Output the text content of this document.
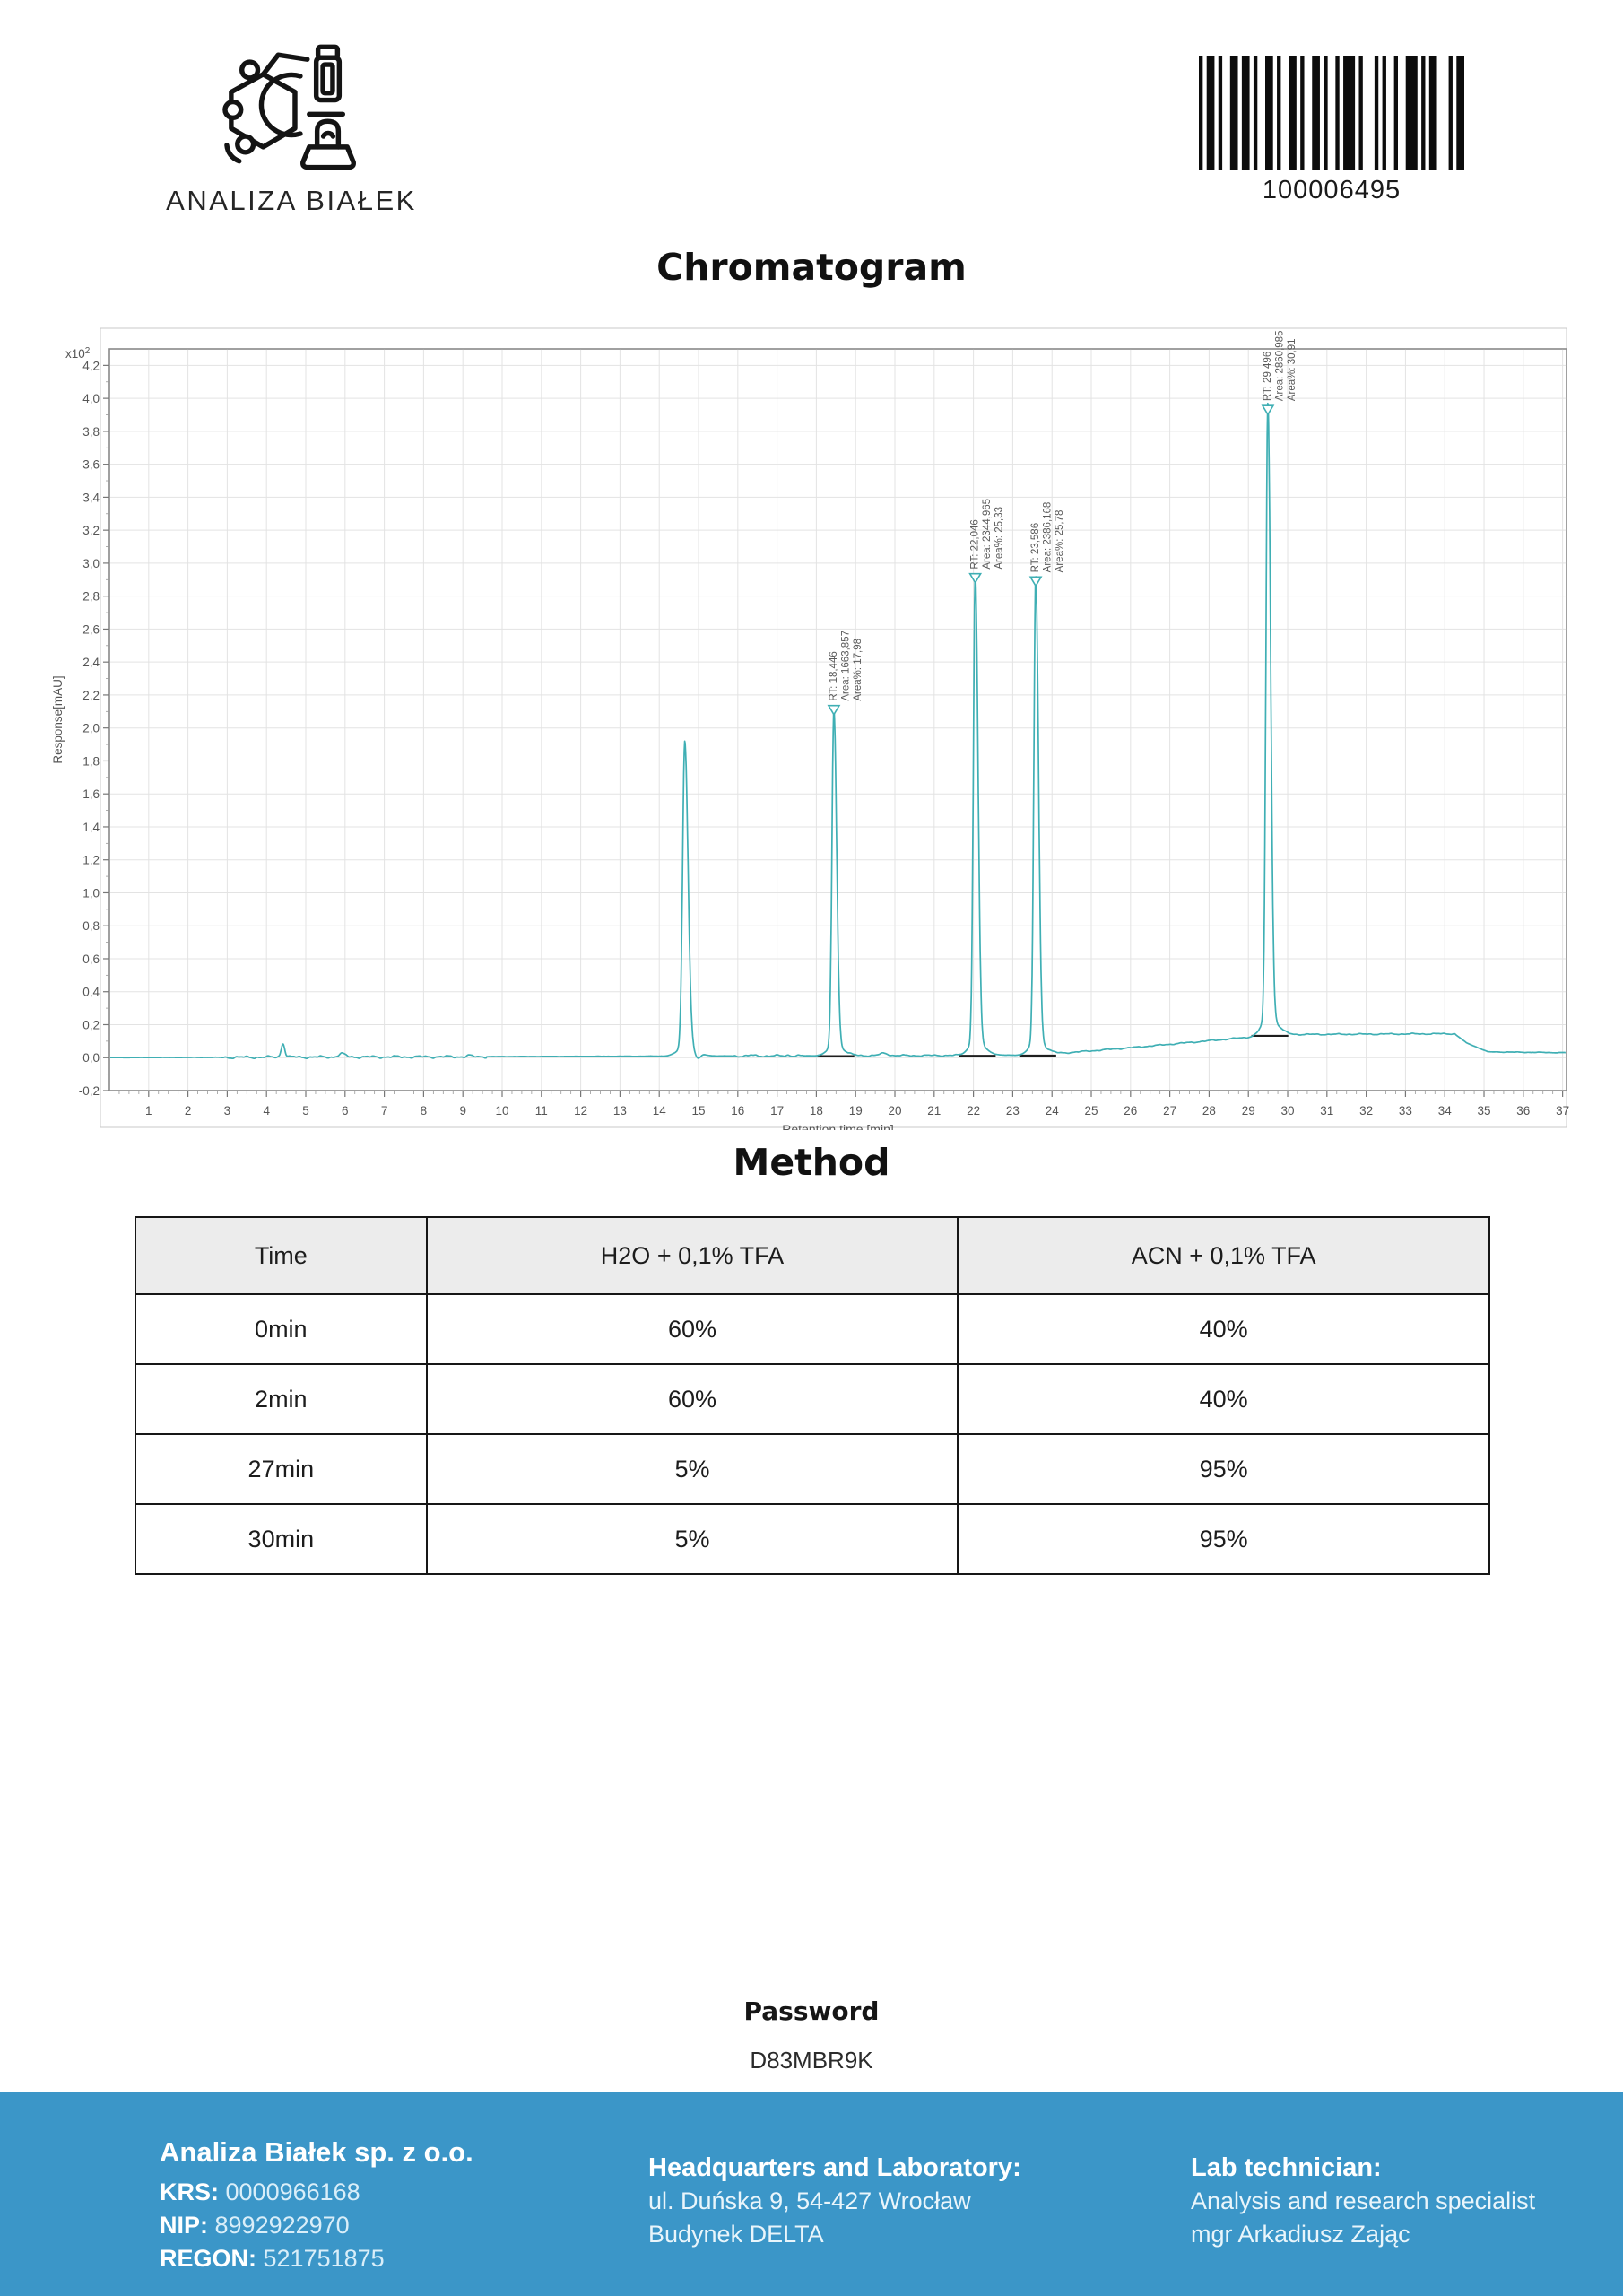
ANALIZA BIAŁEK	100006495
Chromatogram
1	2	3	4	5	6	7	8	9 10 11 12 13 14 15 16 17 18 19 20 21 22 23 24 25 26 27 28 29 30 31 32 33 34 35 36 37
-0,2
0,0
0,2
0,4
0,6
0,8
1,0
1,2
1,4
1,6
1,8
2,0
2,2
2,4
2,6
2,8
3,0
3,2
3,4
3,6
3,8
4,0
4,2
Retention time [min]
Response[mAU]
$x10^2$
RT: 18,446 Area: 1663,857 Area%: 17,98
RT: 22,046 Area: 2344,965 Area%: 25,33 RT: 23,586 Area: 2386,168 Area%: 25,78
RT: 29,496 Area: 2860,985 Area%: 30,91
Method
Time	H2O + 0,1% TFA	ACN + 0,1% TFA
0min	60%	40%
2min	60%	40%
27min	5%	95%
30min	5%	95%
Password
D83MBR9K
Analiza Białek sp. z o.o.
KRS: 0000966168
NIP: 8992922970
REGON: 521751875
Headquarters and Laboratory:
ul. Duńska 9, 54-427 Wrocław
Budynek DELTA
Lab technician:
Analysis and research specialist
mgr Arkadiusz Zając
